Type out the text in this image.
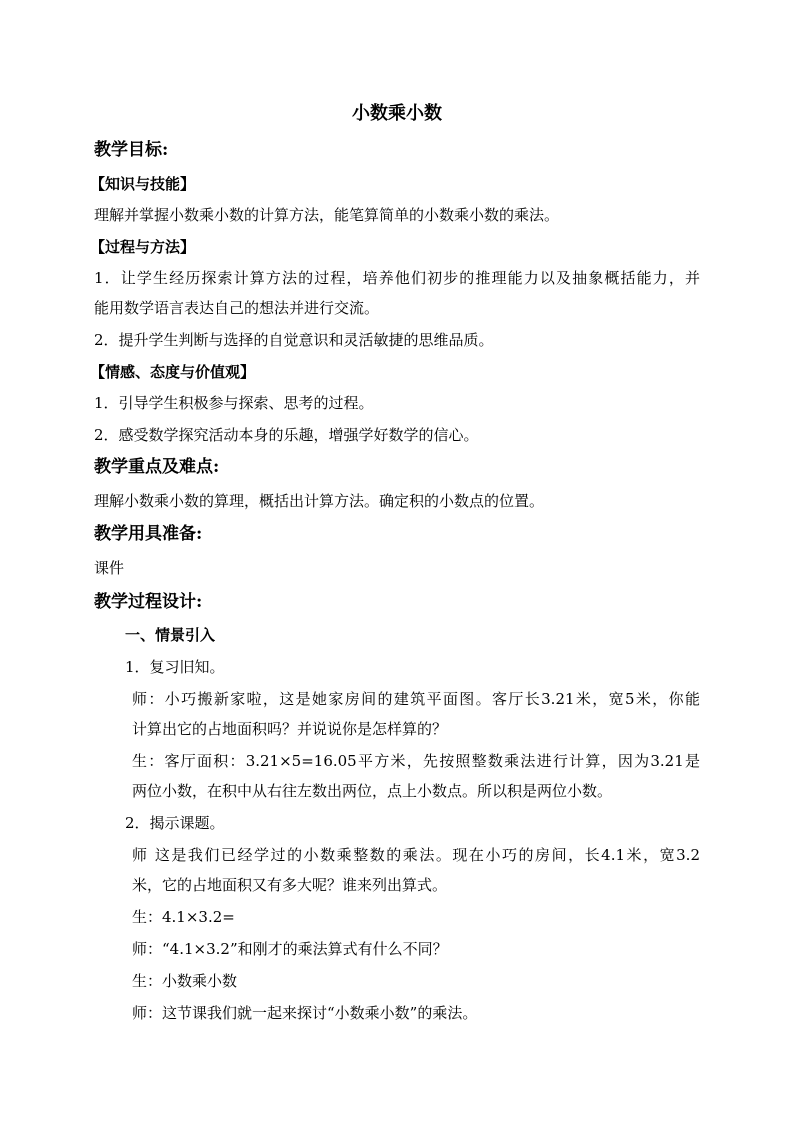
小数乘小数
教学目标:
【知识与技能】
理解并掌握小数乘小数的计算方法，能笔算简单的小数乘小数的乘法。
【过程与方法】
1．让学生经历探索计算方法的过程，培养他们初步的推理能力以及抽象概括能力，并
能用数学语言表达自己的想法并进行交流。
2．提升学生判断与选择的自觉意识和灵活敏捷的思维品质。
【情感、态度与价值观】
1．引导学生积极参与探索、思考的过程。
2．感受数学探究活动本身的乐趣，增强学好数学的信心。
教学重点及难点:
理解小数乘小数的算理，概括出计算方法。确定积的小数点的位置。
教学用具准备:
课件
教学过程设计:
一、情景引入
1．复习旧知。
师：小巧搬新家啦，这是她家房间的建筑平面图。客厅长3.21米，宽5米，你能
计算出它的占地面积吗？并说说你是怎样算的？
生：客厅面积：3.21×5=16.05平方米，先按照整数乘法进行计算，因为3.21是
两位小数，在积中从右往左数出两位，点上小数点。所以积是两位小数。
2．揭示课题。
师 这是我们已经学过的小数乘整数的乘法。现在小巧的房间，长4.1米，宽3.2
米，它的占地面积又有多大呢？谁来列出算式。
生：4.1×3.2=
师：“4.1×3.2”和刚才的乘法算式有什么不同？
生：小数乘小数
师：这节课我们就一起来探讨“小数乘小数”的乘法。
